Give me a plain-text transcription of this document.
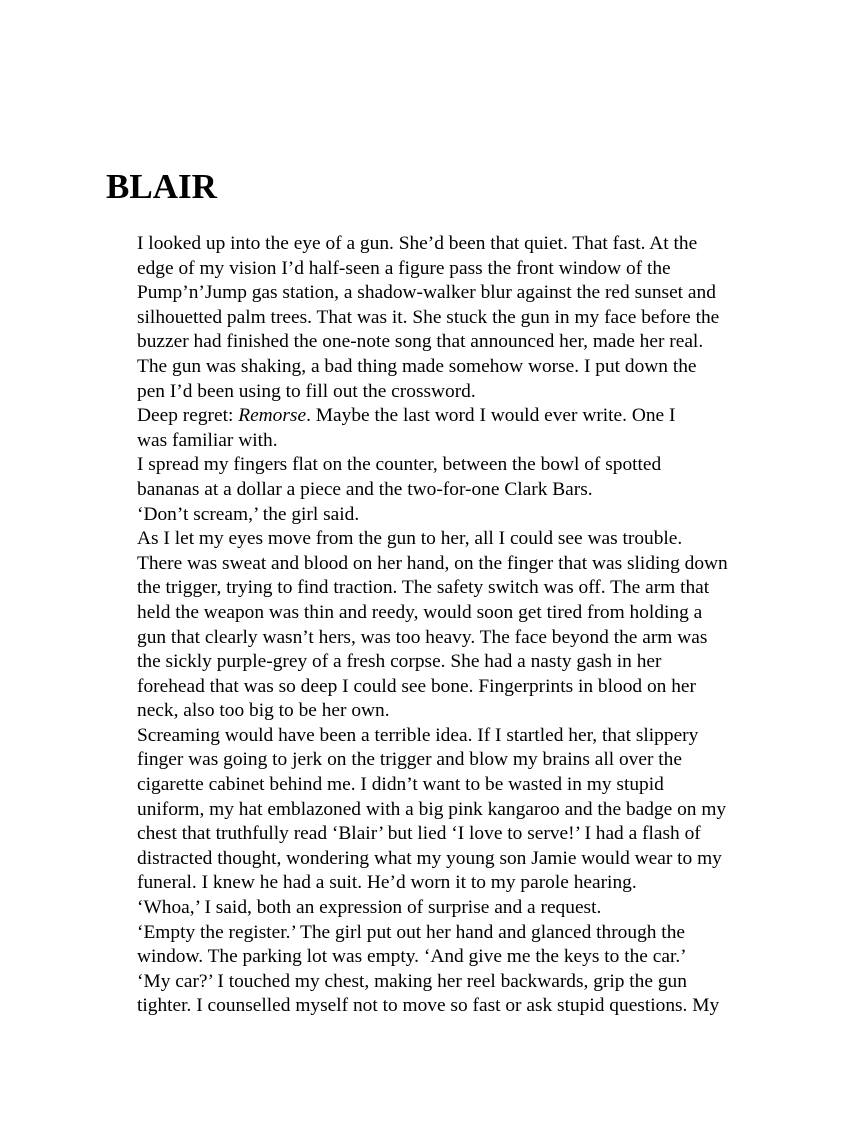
BLAIR

I looked up into the eye of a gun. She’d been that quiet. That fast. At the
edge of my vision I’d half-seen a figure pass the front window of the
Pump’n’Jump gas station, a shadow-walker blur against the red sunset and
silhouetted palm trees. That was it. She stuck the gun in my face before the
buzzer had finished the one-note song that announced her, made her real.
The gun was shaking, a bad thing made somehow worse. I put down the
pen I’d been using to fill out the crossword.

Deep regret: Remorse. Maybe the last word I would ever write. One I
was familiar with.

I spread my fingers flat on the counter, between the bowl of spotted
bananas at a dollar a piece and the two-for-one Clark Bars.

‘Don’t scream,’ the girl said.

As I let my eyes move from the gun to her, all I could see was trouble.
There was sweat and blood on her hand, on the finger that was sliding down
the trigger, trying to find traction. The safety switch was off. The arm that
held the weapon was thin and reedy, would soon get tired from holding a
gun that clearly wasn’t hers, was too heavy. The face beyond the arm was
the sickly purple-grey of a fresh corpse. She had a nasty gash in her
forehead that was so deep I could see bone. Fingerprints in blood on her
neck, also too big to be her own.

Screaming would have been a terrible idea. If I startled her, that slippery
finger was going to jerk on the trigger and blow my brains all over the
cigarette cabinet behind me. I didn’t want to be wasted in my stupid
uniform, my hat emblazoned with a big pink kangaroo and the badge on my
chest that truthfully read ‘Blair’ but lied ‘I love to serve!’ I had a flash of
distracted thought, wondering what my young son Jamie would wear to my
funeral. I knew he had a suit. He’d worn it to my parole hearing.

‘Whoa,’ I said, both an expression of surprise and a request.

‘Empty the register.’ The girl put out her hand and glanced through the
window. The parking lot was empty. ‘And give me the keys to the car.’

‘My car?’ I touched my chest, making her reel backwards, grip the gun
tighter. I counselled myself not to move so fast or ask stupid questions. My
